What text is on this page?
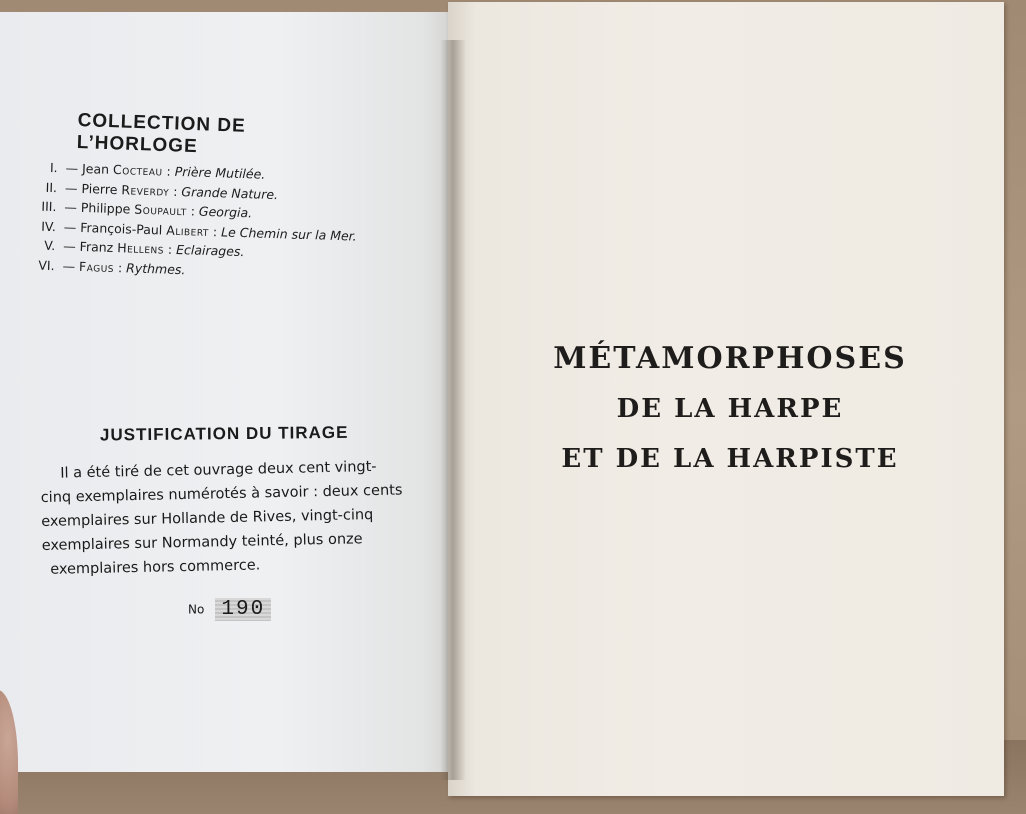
COLLECTION DE L’HORLOGE
I. — Jean Cocteau : Prière Mutilée.
II. — Pierre Reverdy : Grande Nature.
III. — Philippe Soupault : Georgia.
IV. — François-Paul Alibert : Le Chemin sur la Mer.
V. — Franz Hellens : Eclairages.
VI. — Fagus : Rythmes.
JUSTIFICATION DU TIRAGE
Il a été tiré de cet ouvrage deux cent vingt-
cinq exemplaires numérotés à savoir : deux cents
exemplaires sur Hollande de Rives, vingt-cinq
exemplaires sur Normandy teinté, plus onze
exemplaires hors commerce.
No 190
MÉTAMORPHOSES
DE LA HARPE
ET DE LA HARPISTE
